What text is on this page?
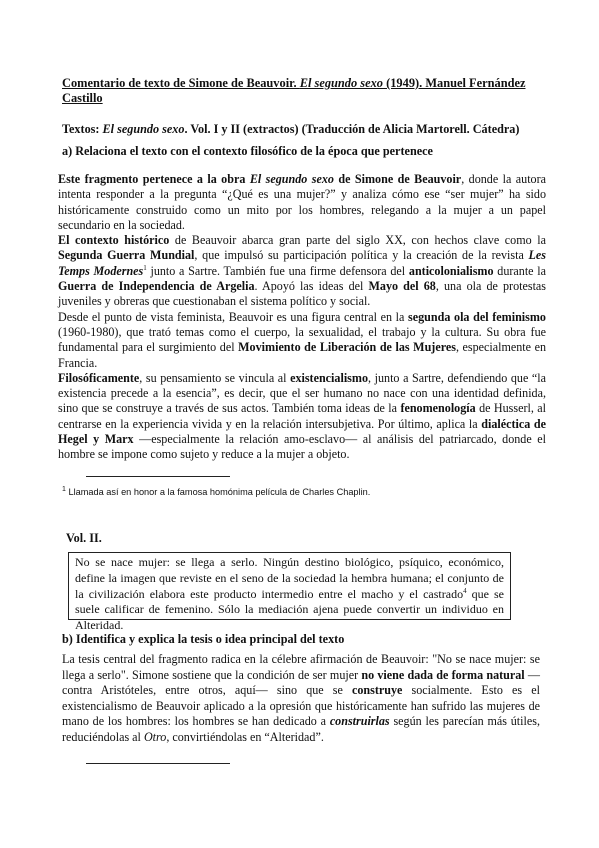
Comentario de texto de Simone de Beauvoir. El segundo sexo (1949). Manuel Fernández Castillo
Textos: El segundo sexo. Vol. I y II (extractos) (Traducción de Alicia Martorell. Cátedra)
a) Relaciona el texto con el contexto filosófico de la época que pertenece

Este fragmento pertenece a la obra El segundo sexo de Simone de Beauvoir, donde la autora intenta responder a la pregunta “¿Qué es una mujer?” y analiza cómo ese “ser mujer” ha sido históricamente construido como un mito por los hombres, relegando a la mujer a un papel secundario en la sociedad.

El contexto histórico de Beauvoir abarca gran parte del siglo XX, con hechos clave como la Segunda Guerra Mundial, que impulsó su participación política y la creación de la revista Les Temps Modernes$^1$ junto a Sartre. También fue una firme defensora del anticolonialismo durante la Guerra de Independencia de Argelia. Apoyó las ideas del Mayo del 68, una ola de protestas juveniles y obreras que cuestionaban el sistema político y social.

Desde el punto de vista feminista, Beauvoir es una figura central en la segunda ola del feminismo (1960-1980), que trató temas como el cuerpo, la sexualidad, el trabajo y la cultura. Su obra fue fundamental para el surgimiento del Movimiento de Liberación de las Mujeres, especialmente en Francia.

Filosóficamente, su pensamiento se vincula al existencialismo, junto a Sartre, defendiendo que “la existencia precede a la esencia”, es decir, que el ser humano no nace con una identidad definida, sino que se construye a través de sus actos. También toma ideas de la fenomenología de Husserl, al centrarse en la experiencia vivida y en la relación intersubjetiva. Por último, aplica la dialéctica de Hegel y Marx —especialmente la relación amo-esclavo— al análisis del patriarcado, donde el hombre se impone como sujeto y reduce a la mujer a objeto.

$^1$ Llamada así en honor a la famosa homónima película de Charles Chaplin.
Vol. II.
No se nace mujer: se llega a serlo. Ningún destino biológico, psíquico, económico, define la imagen que reviste en el seno de la sociedad la hembra humana; el conjunto de la civilización elabora este producto intermedio entre el macho y el castrado$^4$ que se suele calificar de femenino. Sólo la mediación ajena puede convertir un individuo en Alteridad.
b) Identifica y explica la tesis o idea principal del texto

La tesis central del fragmento radica en la célebre afirmación de Beauvoir: "No se nace mujer: se llega a serlo". Simone sostiene que la condición de ser mujer no viene dada de forma natural — contra Aristóteles, entre otros, aquí— sino que se construye socialmente. Esto es el existencialismo de Beauvoir aplicado a la opresión que históricamente han sufrido las mujeres de mano de los hombres: los hombres se han dedicado a construirlas según les parecían más útiles, reduciéndolas al Otro, convirtiéndolas en “Alteridad”.
